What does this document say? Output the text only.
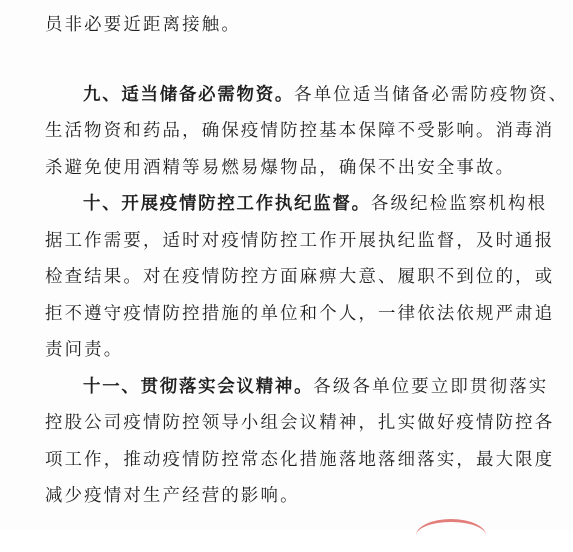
员非必要近距离接触。
九、适当储备必需物资。各单位适当储备必需防疫物资、
生活物资和药品，确保疫情防控基本保障不受影响。消毒消
杀避免使用酒精等易燃易爆物品，确保不出安全事故。
十、开展疫情防控工作执纪监督。各级纪检监察机构根
据工作需要，适时对疫情防控工作开展执纪监督，及时通报
检查结果。对在疫情防控方面麻痹大意、履职不到位的，或
拒不遵守疫情防控措施的单位和个人，一律依法依规严肃追
责问责。
十一、贯彻落实会议精神。各级各单位要立即贯彻落实
控股公司疫情防控领导小组会议精神，扎实做好疫情防控各
项工作，推动疫情防控常态化措施落地落细落实，最大限度
减少疫情对生产经营的影响。
